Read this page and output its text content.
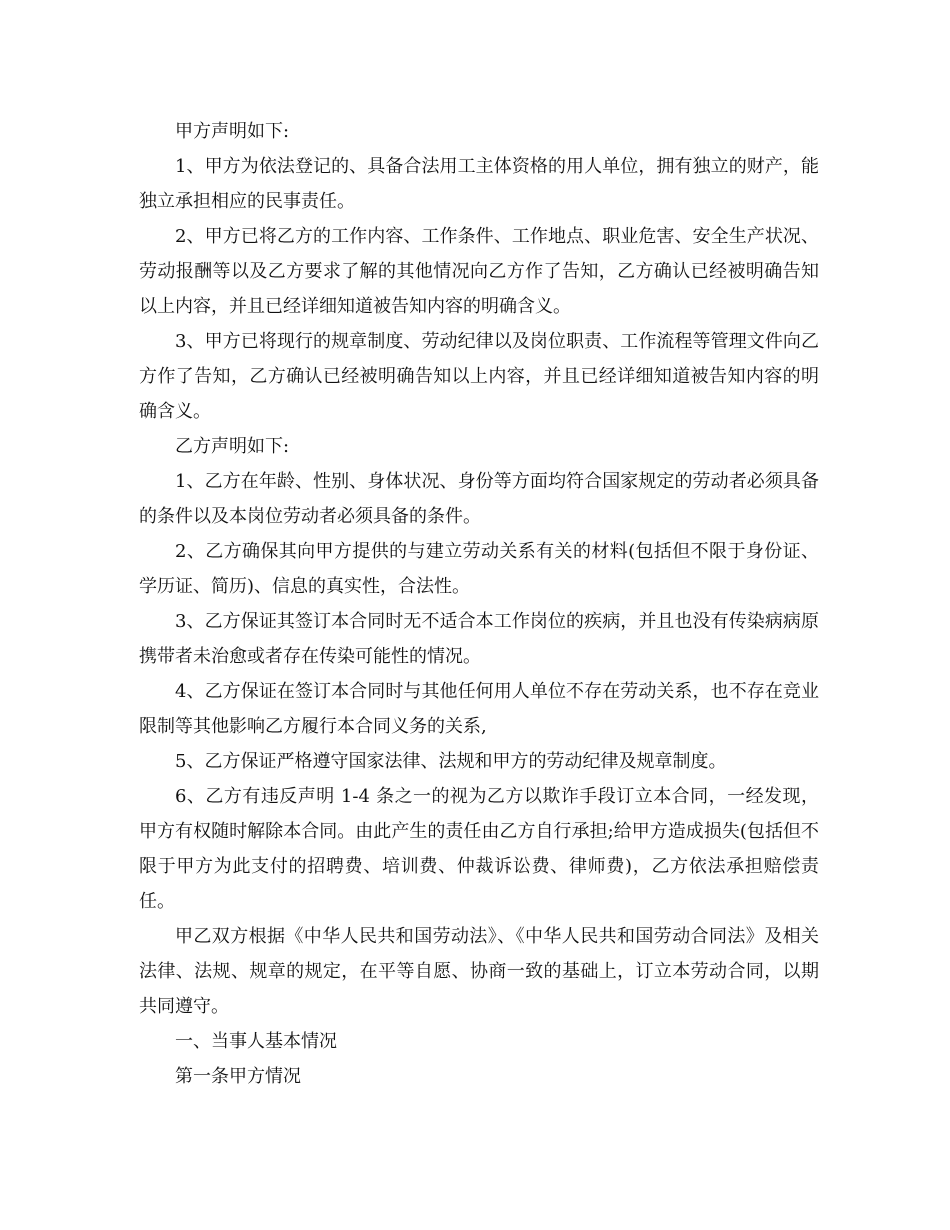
甲方声明如下:

1、甲方为依法登记的、具备合法用工主体资格的用人单位，拥有独立的财产，能独立承担相应的民事责任。

2、甲方已将乙方的工作内容、工作条件、工作地点、职业危害、安全生产状况、劳动报酬等以及乙方要求了解的其他情况向乙方作了告知，乙方确认已经被明确告知以上内容，并且已经详细知道被告知内容的明确含义。

3、甲方已将现行的规章制度、劳动纪律以及岗位职责、工作流程等管理文件向乙方作了告知，乙方确认已经被明确告知以上内容，并且已经详细知道被告知内容的明确含义。

乙方声明如下:

1、乙方在年龄、性别、身体状况、身份等方面均符合国家规定的劳动者必须具备的条件以及本岗位劳动者必须具备的条件。

2、乙方确保其向甲方提供的与建立劳动关系有关的材料(包括但不限于身份证、学历证、简历)、信息的真实性，合法性。

3、乙方保证其签订本合同时无不适合本工作岗位的疾病，并且也没有传染病病原携带者未治愈或者存在传染可能性的情况。

4、乙方保证在签订本合同时与其他任何用人单位不存在劳动关系，也不存在竞业限制等其他影响乙方履行本合同义务的关系,

5、乙方保证严格遵守国家法律、法规和甲方的劳动纪律及规章制度。

6、乙方有违反声明 1-4 条之一的视为乙方以欺诈手段订立本合同，一经发现，甲方有权随时解除本合同。由此产生的责任由乙方自行承担;给甲方造成损失(包括但不限于甲方为此支付的招聘费、培训费、仲裁诉讼费、律师费)，乙方依法承担赔偿责任。

甲乙双方根据《中华人民共和国劳动法》、《中华人民共和国劳动合同法》及相关法律、法规、规章的规定，在平等自愿、协商一致的基础上，订立本劳动合同，以期共同遵守。

一、当事人基本情况

第一条甲方情况
